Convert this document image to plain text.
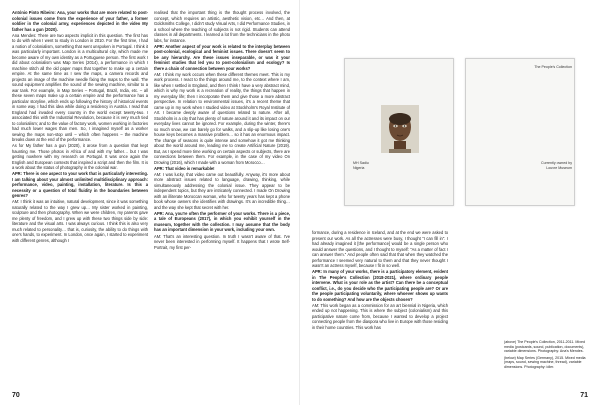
António Pinto Ribeiro: Ana, your works that are more related to post-colonial issues come from the experience of your father, a former soldier in the colonial army, experiences depicted in the video My father has a gun (2020).

Ana Mendes: There are two aspects implicit in this question. The first has to do with when I went to study in London in 2010. For the first time, I had a notion of colonialism, something that went unspoken in Portugal. I think it was particularly important. London is a multicultural city, which made me become aware of my own identity as a Portuguese person. The first work I did about colonialism was Map Series (2014), a performance in which I machine stitch all the old paper maps that together to make up a certain empire. At the same time as I sew the maps, a camera records and projects an image of the machine needle fixing the maps to the wall. The sound equipment amplifies the sound of the sewing machine, similar to a war tank. For example, in Map Series – Portugal, Brazil, India, etc. – all these seven maps make up a certain empire and the performance has a particular storyline, which ends up following the history of historical events in some way. I had this idea while doing a residency in Austria. I read that England had invaded every country in the world except twenty-two. I associated this with the Industrial Revolution, because it is very much tied to colonialism; and to the value of factory work, women working in factories had much lower wages than men. So, I imagined myself as a worker sewing the maps non-stop until – which often happens – the machine breaks down at the end of the performance.

As for My father has a gun (2020), it arose from a question that kept haunting me. Those photos in Africa of and with my father… but I was getting nowhere with my research on Portugal. It was once again the English and European contexts that inspired a script and then the film. It is a work about the status of photography in the colonial war.

APR: There is one aspect to your work that is particularly interesting. I am talking about your almost unlimited multidisciplinary approach: performance, video, painting, installation, literature. Is this a necessity or a question of total fluidity in the boundaries between genres?

AM: I think it was an intuitive, natural development, since it was something naturally related to the way I grew up… My sister worked in painting, sculpture and then photography. When we were children, my parents gave me plenty of freedom, and I grew up with these two things side by side: literature and the visual arts. I was always curious. I think this is also very much related to personality… that is, curiosity, the ability to do things with one's hands, to experiment. In London, once again, I started to experiment with different genres, although I

realised that the important thing is the thought process involved, the concept, which requires an artistic, aesthetic vision, etc… And then, at Goldsmiths College, I didn't study Visual Arts, I did Performance Studies, in a school where the teaching of subjects is not rigid. Students can attend classes in all departments. I learned a lot from the technicians in the photo labs, for instance.

APR: Another aspect of your work is related to the interplay between post-colonial, ecological and feminist issues. There doesn't seem to be any hierarchy. Are these issues inseparable, or was it your feminist studies that led you to post-colonialism and ecology? Is there a chain of connection between your works?

AM: I think my work occurs when these different themes meet. This is my work process. I react to the things around me, to the context where I am, like when I settled in England, and then I think I have a very abstract mind, which is why my work is a recreation of reality, the things that happen in my everyday life; then I incorporate them and give those a more abstract perspective. In relation to environmental issues, it's a recent theme that came up in my work when I studied video at Stockholm's Royal Institute of Art. I became deeply aware of questions related to nature. After all, Stockholm is a city that has plenty of nature around it and its impact on our everyday lives cannot be ignored. For example, during the winter, there's so much snow, we can barely go for walks, and a slip-up like losing one's house keys becomes a massive problem… so it has an enormous impact. The change of seasons is quite intense and somehow it got me thinking about the world around me, leading me to create Artificial Nature (2019). But, as I spend more time working on certain aspects or subjects, there are connections between them. For example, in the case of my video On Drowing (2016), which I made with a woman from Morocco…

APR: That video is remarkable!

AM: I was lucky, that video came out beautifully. Anyway, it's more about more abstract issues related to language, drawing, thinking, while simultaneously addressing the colonial issue. They appear to be independent topics, but they are intricately connected. I made On Drowing with an illiterate Moroccan woman, who for twenty years has kept a phone book whose owners she identifies with drawings. It's an incredible thing… and the way she kept that secret with her.

APR: Ana, you're often the performer of your works. There is a piece, a tale of Europeans (2017), in which you exhibit yourself in the museum, together with the collection. I may assume that the body has an important dimension in your work, including your own.

AM: That's an interesting question. In truth I wasn't aware of that. I've never been interested in performing myself. It happens that I wrote Self-Portrait, my first per-

70
MH Sadiu
Nigeria
The People's Collection
Currently owned by
Louvre Museum

formance, during a residence in Iceland, and at the end we were asked to present our work. As all the actresses were busy, I thought "I can fill in". I had already imagined it [the performance] would be a single person who would answer the questions, and I thought to myself: "As a matter of fact I can answer them." And people often said that that when they watched the performance I seemed very natural to them and that they never thought I wasn't an actress myself, because I fit in so well.

APR: In many of your works, there is a participatory element, evident in The People's Collection (2018-2021), where ordinary people intervene. What is your role as the artist? Can there be a conceptual conflict, i.e., do you decide who the participating people are? Or are the people participating voluntarily, where whoever shows up wants to do something? And how are the objects chosen?

AM: This work began as a commission for an art biennial in Nigeria, which ended up not happening. This is where the subject (colonialism) and this participative nature come from, because I wanted to develop a project connecting people from the diaspora who live in Europe with those residing in their home countries. This work has

(above) The People's Collection, 2011-2011. Mixed media (postcards, sound, publication, documents), variable dimensions. Photography: Ana's Mendes.

(below) Map Series (Germany), 2015. Mixed media (maps, sound, sewing machine, thread), variable dimensions. Photography: idler.

71
